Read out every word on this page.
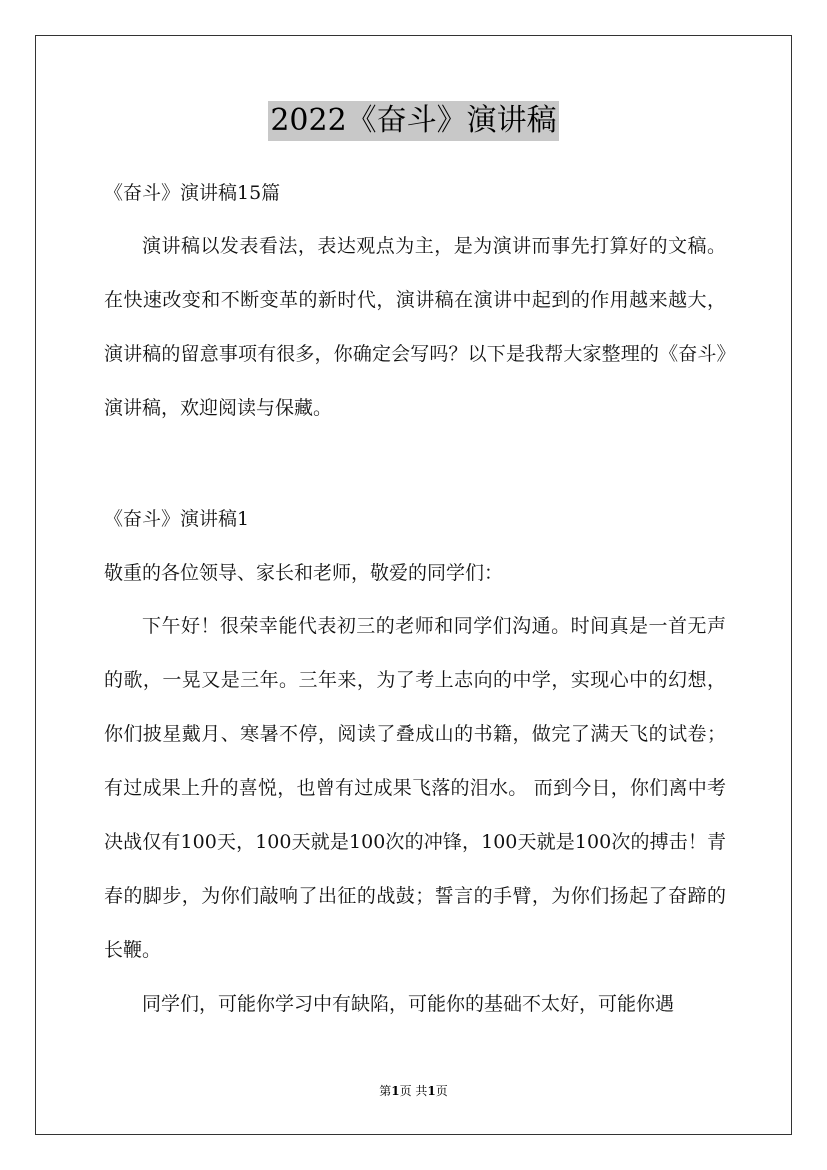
2022《奋斗》演讲稿
《奋斗》演讲稿15篇
演讲稿以发表看法，表达观点为主，是为演讲而事先打算好的文稿。在快速改变和不断变革的新时代，演讲稿在演讲中起到的作用越来越大，演讲稿的留意事项有很多，你确定会写吗？以下是我帮大家整理的《奋斗》演讲稿，欢迎阅读与保藏。
《奋斗》演讲稿1
敬重的各位领导、家长和老师，敬爱的同学们：
下午好！很荣幸能代表初三的老师和同学们沟通。时间真是一首无声的歌，一晃又是三年。三年来，为了考上志向的中学，实现心中的幻想，你们披星戴月、寒暑不停，阅读了叠成山的书籍，做完了满天飞的试卷；有过成果上升的喜悦，也曾有过成果飞落的泪水。 而到今日，你们离中考决战仅有100天，100天就是100次的冲锋，100天就是100次的搏击！青春的脚步，为你们敲响了出征的战鼓；誓言的手臂，为你们扬起了奋蹄的长鞭。
同学们，可能你学习中有缺陷，可能你的基础不太好，可能你遇
第1页 共1页
